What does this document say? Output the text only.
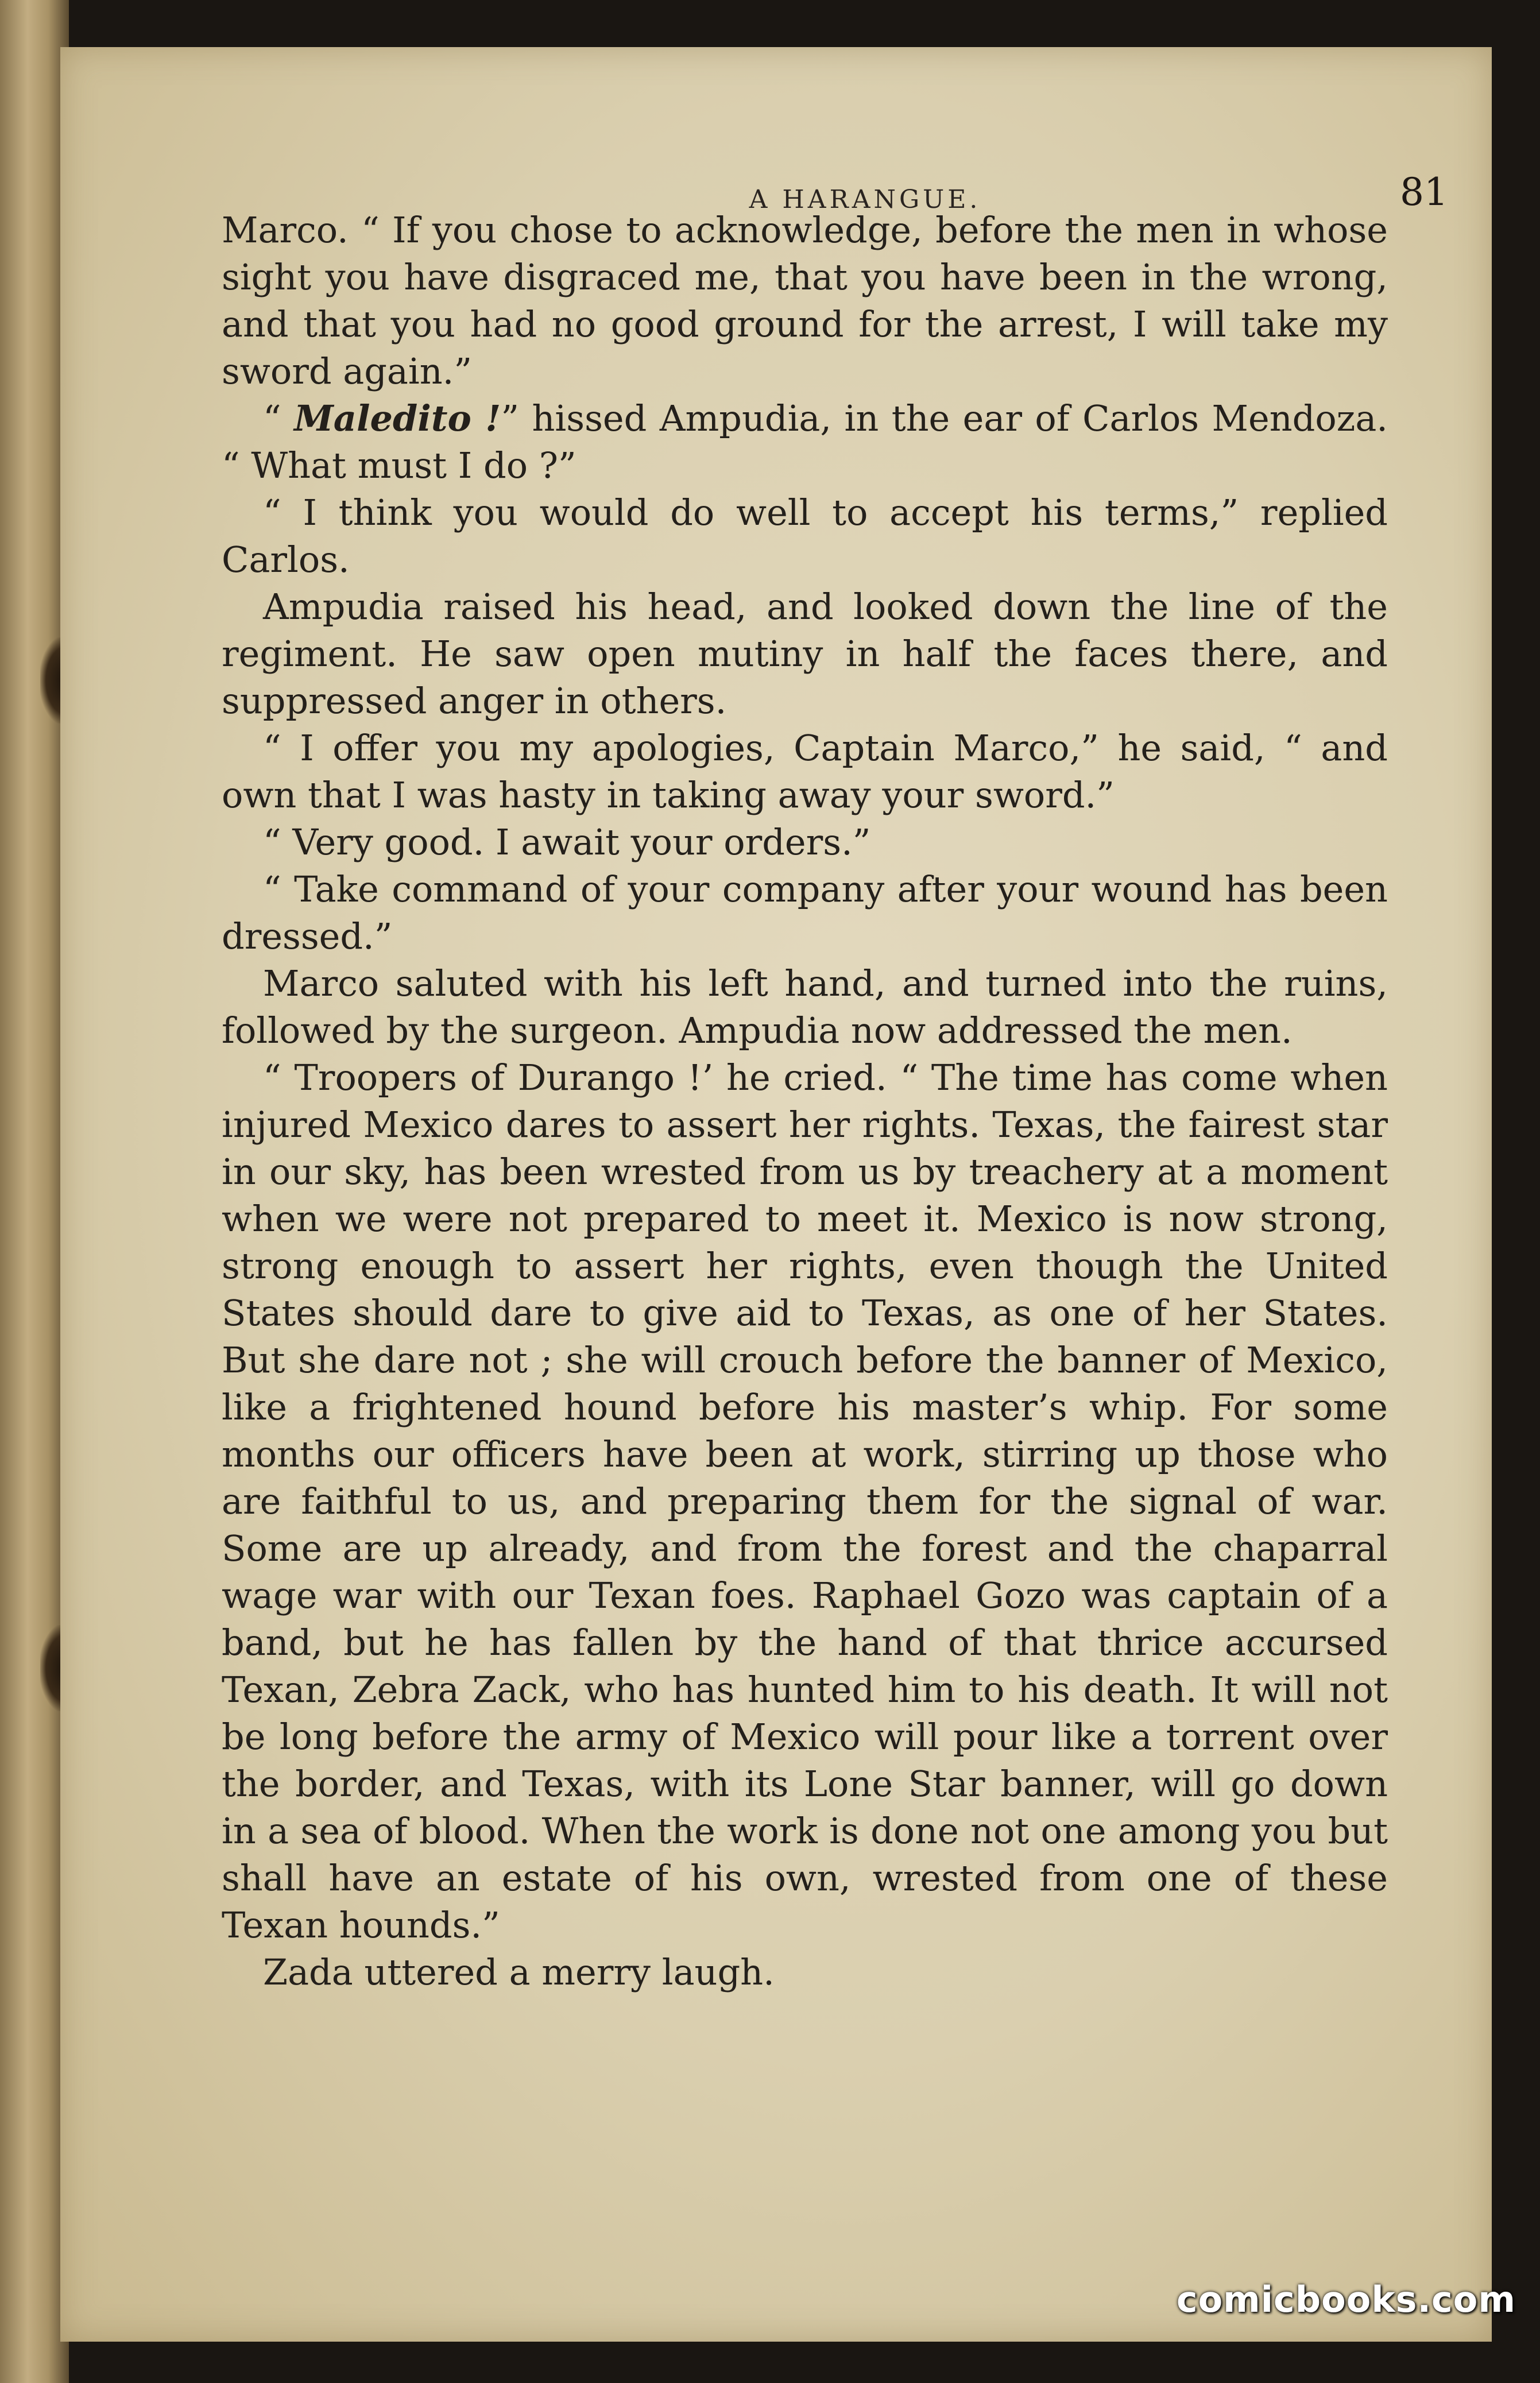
A HARANGUE.	81

Marco. “ If you chose to acknowledge, before the men in whose sight you have disgraced me, that you have been in the wrong, and that you had no good ground for the arrest, I will take my sword again.”

“ Maledito !” hissed Ampudia, in the ear of Carlos Mendoza. “ What must I do ?”

“ I think you would do well to accept his terms,” replied Carlos.

Ampudia raised his head, and looked down the line of the regiment. He saw open mutiny in half the faces there, and suppressed anger in others.

“ I offer you my apologies, Captain Marco,” he said, “ and own that I was hasty in taking away your sword.”

“ Very good. I await your orders.”

“ Take command of your company after your wound has been dressed.”

Marco saluted with his left hand, and turned into the ruins, followed by the surgeon. Ampudia now addressed the men.

“ Troopers of Durango !’ he cried. “ The time has come when injured Mexico dares to assert her rights. Texas, the fairest star in our sky, has been wrested from us by treachery at a moment when we were not prepared to meet it. Mexico is now strong, strong enough to assert her rights, even though the United States should dare to give aid to Texas, as one of her States. But she dare not ; she will crouch before the banner of Mexico, like a frightened hound before his master’s whip. For some months our officers have been at work, stirring up those who are faithful to us, and preparing them for the signal of war. Some are up already, and from the forest and the chaparral wage war with our Texan foes. Raphael Gozo was captain of a band, but he has fallen by the hand of that thrice accursed Texan, Zebra Zack, who has hunted him to his death. It will not be long before the army of Mexico will pour like a torrent over the border, and Texas, with its Lone Star banner, will go down in a sea of blood. When the work is done not one among you but shall have an estate of his own, wrested from one of these Texan hounds.”

Zada uttered a merry laugh.

comicbooks.com
